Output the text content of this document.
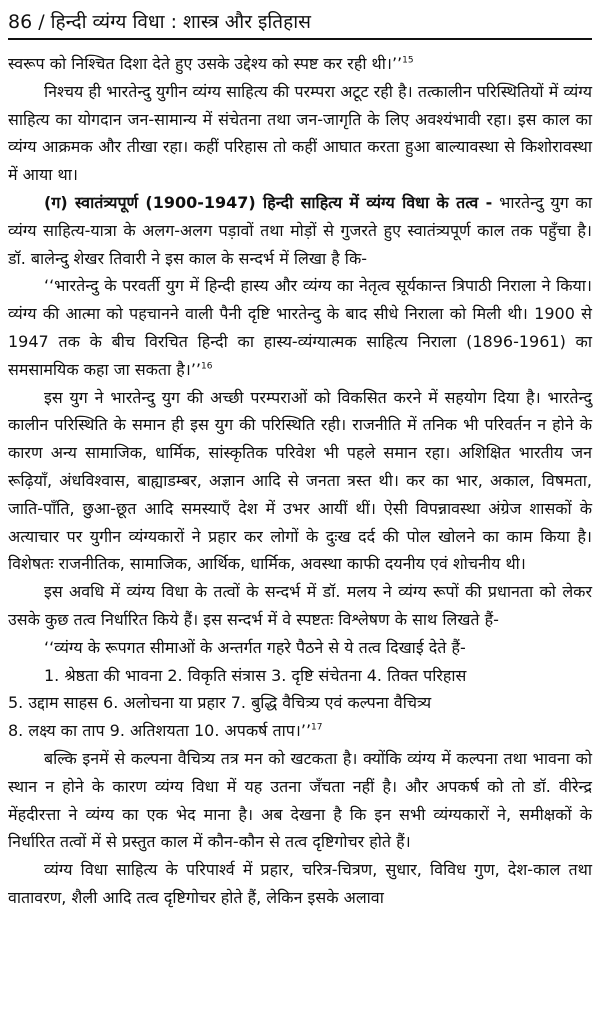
86 / हिन्दी व्यंग्य विधा : शास्त्र और इतिहास

स्वरूप को निश्चित दिशा देते हुए उसके उद्देश्य को स्पष्ट कर रही थी।’’$^{15}$

निश्चय ही भारतेन्दु युगीन व्यंग्य साहित्य की परम्परा अटूट रही है। तत्कालीन परिस्थितियों में व्यंग्य साहित्य का योगदान जन-सामान्य में संचेतना तथा जन-जागृति के लिए अवश्यंभावी रहा। इस काल का व्यंग्य आक्रमक और तीखा रहा। कहीं परिहास तो कहीं आघात करता हुआ बाल्यावस्था से किशोरावस्था में आया था।

(ग) स्वातंत्र्यपूर्ण (1900-1947) हिन्दी साहित्य में व्यंग्य विधा के तत्व - भारतेन्दु युग का व्यंग्य साहित्य-यात्रा के अलग-अलग पड़ावों तथा मोड़ों से गुजरते हुए स्वातंत्र्यपूर्ण काल तक पहुँचा है। डॉ. बालेन्दु शेखर तिवारी ने इस काल के सन्दर्भ में लिखा है कि-

‘‘भारतेन्दु के परवर्ती युग में हिन्दी हास्य और व्यंग्य का नेतृत्व सूर्यकान्त त्रिपाठी निराला ने किया। व्यंग्य की आत्मा को पहचानने वाली पैनी दृष्टि भारतेन्दु के बाद सीधे निराला को मिली थी। 1900 से 1947 तक के बीच विरचित हिन्दी का हास्य-व्यंग्यात्मक साहित्य निराला (1896-1961) का समसामयिक कहा जा सकता है।’’$^{16}$

इस युग ने भारतेन्दु युग की अच्छी परम्पराओं को विकसित करने में सहयोग दिया है। भारतेन्दु कालीन परिस्थिति के समान ही इस युग की परिस्थिति रही। राजनीति में तनिक भी परिवर्तन न होने के कारण अन्य सामाजिक, धार्मिक, सांस्कृतिक परिवेश भी पहले समान रहा। अशिक्षित भारतीय जन रूढ़ियाँ, अंधविश्वास, बाह्याडम्बर, अज्ञान आदि से जनता त्रस्त थी। कर का भार, अकाल, विषमता, जाति-पाँति, छुआ-छूत आदि समस्याएँ देश में उभर आयीं थीं। ऐसी विपन्नावस्था अंग्रेज शासकों के अत्याचार पर युगीन व्यंग्यकारों ने प्रहार कर लोगों के दुःख दर्द की पोल खोलने का काम किया है। विशेषतः राजनीतिक, सामाजिक, आर्थिक, धार्मिक, अवस्था काफी दयनीय एवं शोचनीय थी।

इस अवधि में व्यंग्य विधा के तत्वों के सन्दर्भ में डॉ. मलय ने व्यंग्य रूपों की प्रधानता को लेकर उसके कुछ तत्व निर्धारित किये हैं। इस सन्दर्भ में वे स्पष्टतः विश्लेषण के साथ लिखते हैं-

‘‘व्यंग्य के रूपगत सीमाओं के अन्तर्गत गहरे पैठने से ये तत्व दिखाई देते हैं-

1. श्रेष्ठता की भावना 2. विकृति संत्रास 3. दृष्टि संचेतना 4. तिक्त परिहास
5. उद्दाम साहस 6. अलोचना या प्रहार 7. बुद्धि वैचित्र्य एवं कल्पना वैचित्र्य
8. लक्ष्य का ताप 9. अतिशयता 10. अपकर्ष ताप।’’$^{17}$

बल्कि इनमें से कल्पना वैचित्र्य तत्र मन को खटकता है। क्योंकि व्यंग्य में कल्पना तथा भावना को स्थान न होने के कारण व्यंग्य विधा में यह उतना जँचता नहीं है। और अपकर्ष को तो डॉ. वीरेन्द्र मेंहदीरत्ता ने व्यंग्य का एक भेद माना है। अब देखना है कि इन सभी व्यंग्यकारों ने, समीक्षकों के निर्धारित तत्वों में से प्रस्तुत काल में कौन-कौन से तत्व दृष्टिगोचर होते हैं।

व्यंग्य विधा साहित्य के परिपार्श्व में प्रहार, चरित्र-चित्रण, सुधार, विविध गुण, देश-काल तथा वातावरण, शैली आदि तत्व दृष्टिगोचर होते हैं, लेकिन इसके अलावा
